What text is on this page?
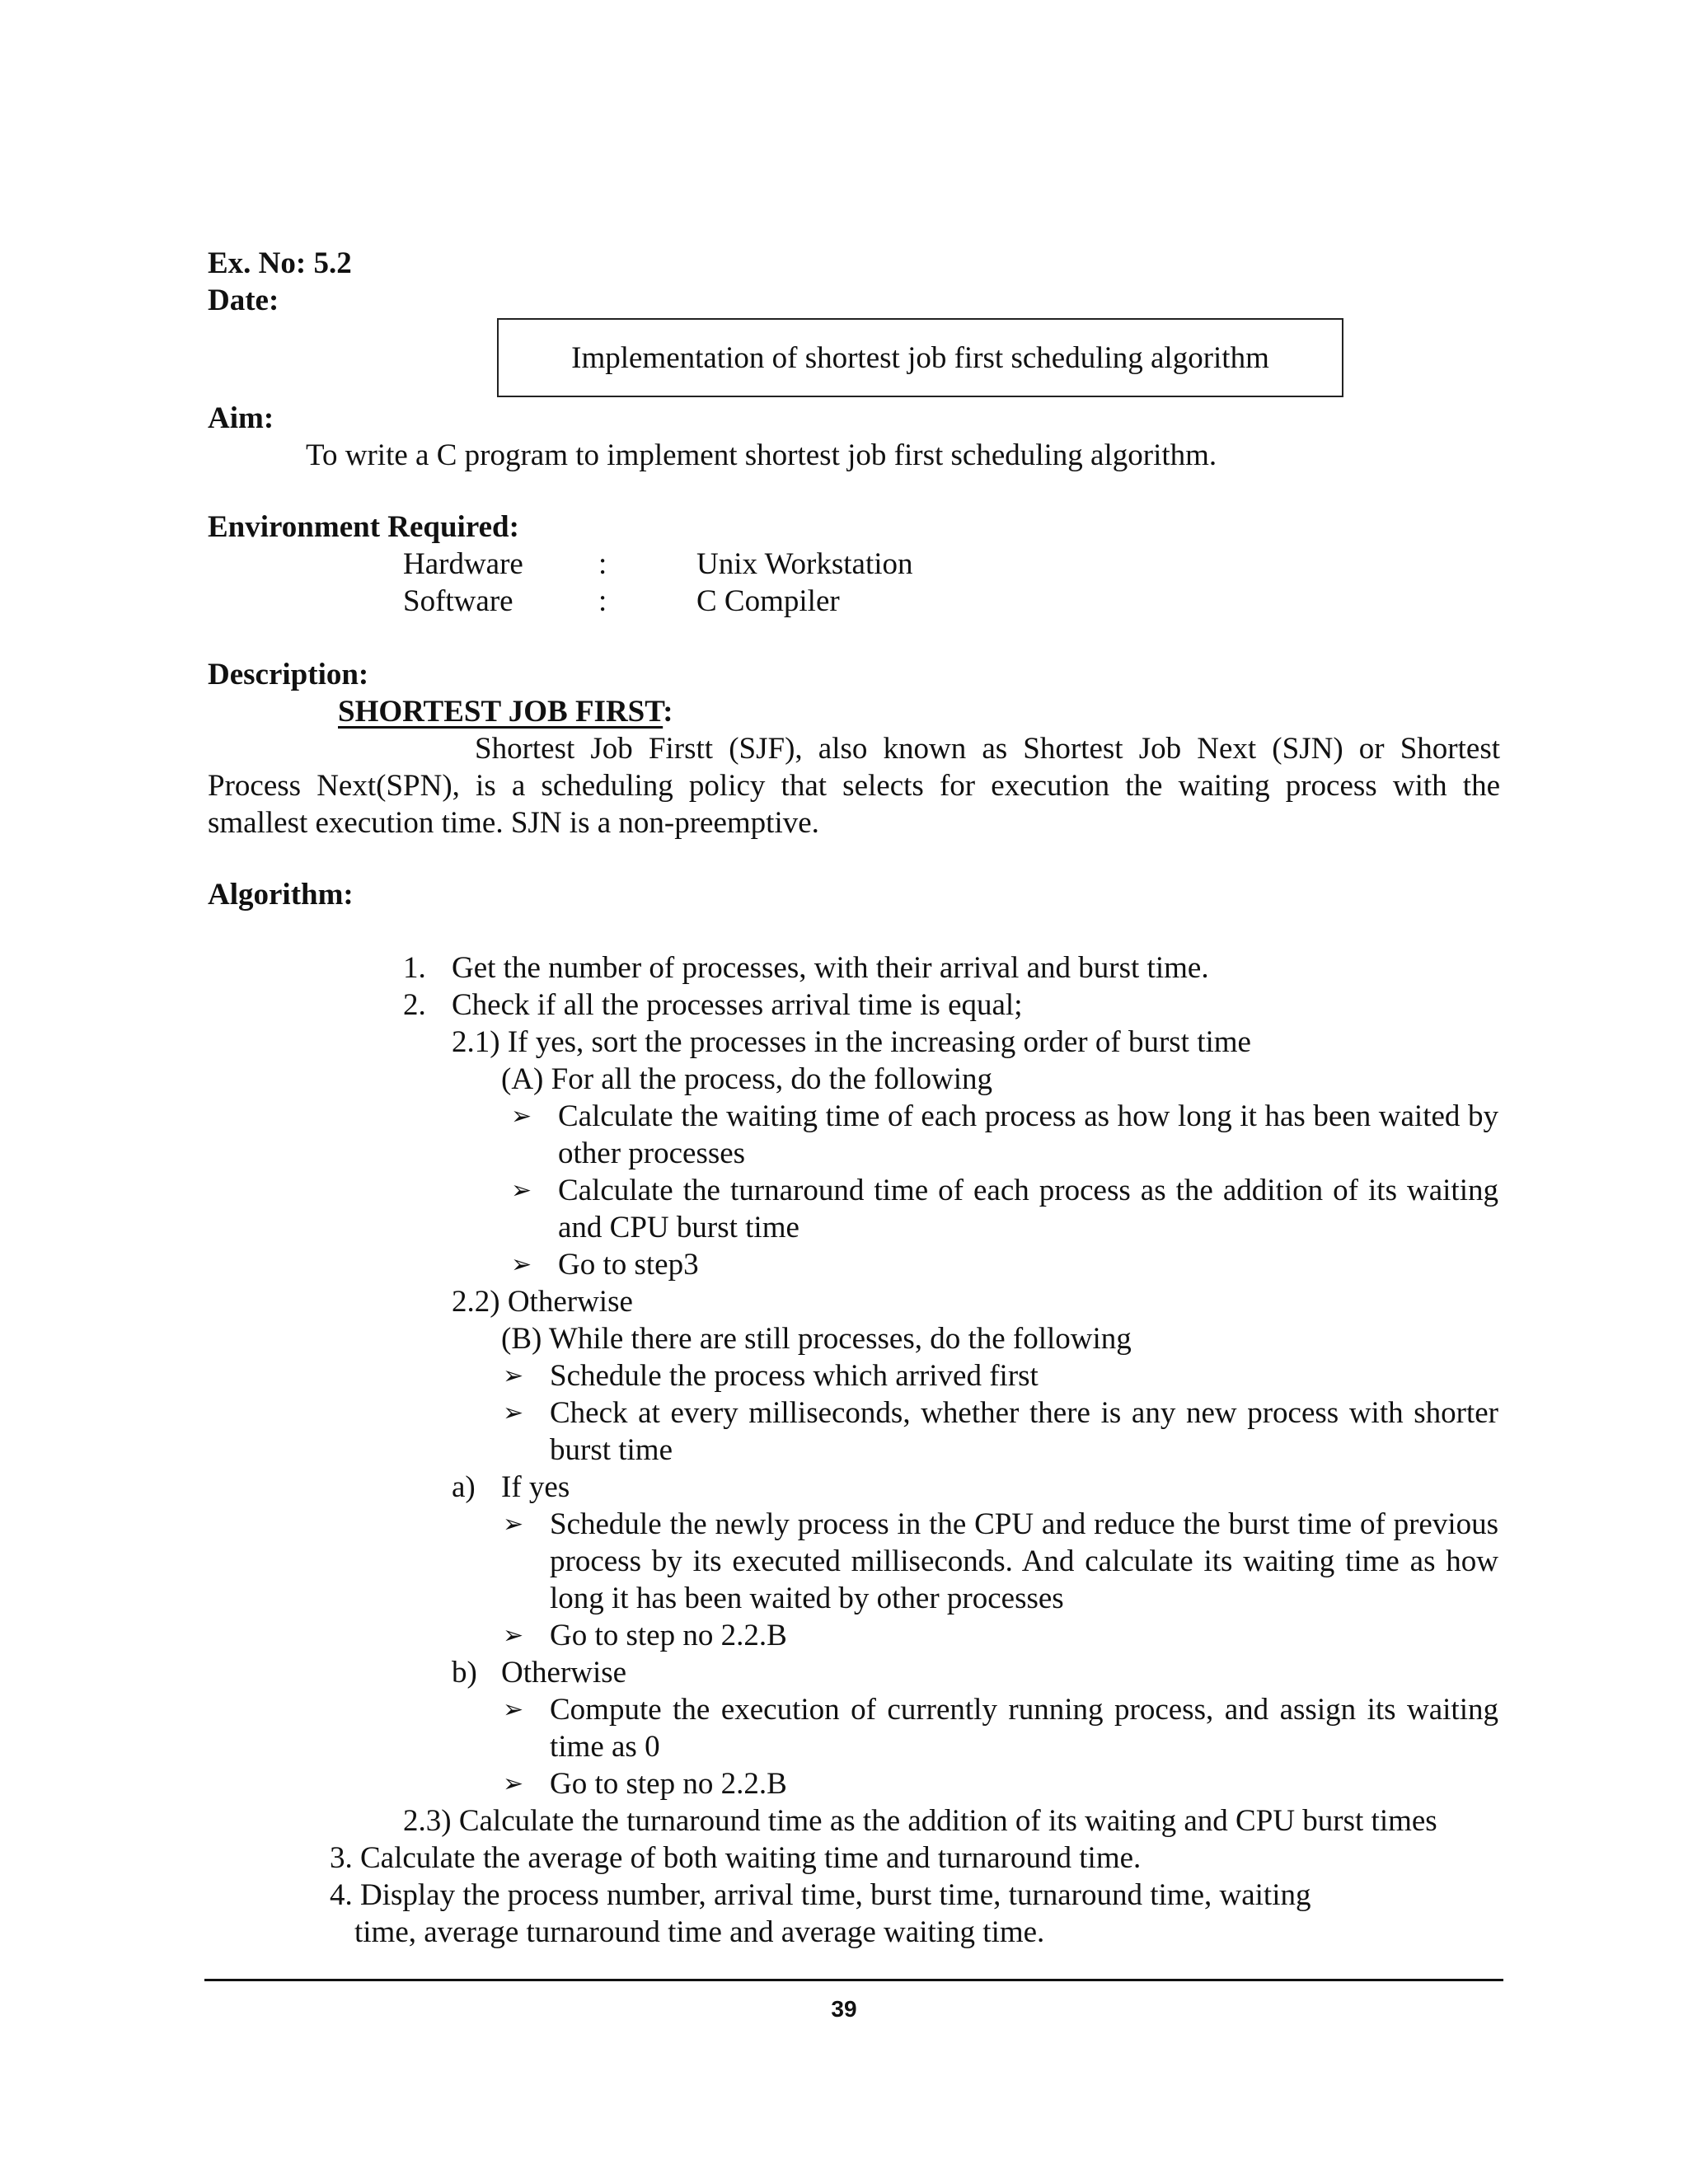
Ex. No: 5.2
Date:
Implementation of shortest job first scheduling algorithm
Aim:
To write a C program to implement shortest job first scheduling algorithm.
Environment Required:
Hardware :	Unix Workstation
Software	:	C Compiler
Description:
SHORTEST JOB FIRST:
Shortest Job Firstt (SJF), also known as Shortest Job Next (SJN) or Shortest
Process Next(SPN), is a scheduling policy that selects for execution the waiting process with the
smallest execution time. SJN is a non-preemptive.
Algorithm:
1. Get the number of processes, with their arrival and burst time.
2. Check if all the processes arrival time is equal;
2.1) If yes, sort the processes in the increasing order of burst time
(A) For all the process, do the following
➢ Calculate the waiting time of each process as how long it has been waited by other processes
➢ Calculate the turnaround time of each process as the addition of its waiting and CPU burst time
➢ Go to step3
2.2) Otherwise
(B) While there are still processes, do the following
➢ Schedule the process which arrived first
➢ Check at every milliseconds, whether there is any new process with shorter burst time
a) If yes
➢ Schedule the newly process in the CPU and reduce the burst time of previous process by its executed milliseconds. And calculate its waiting time as how long it has been waited by other processes
➢ Go to step no 2.2.B
b) Otherwise
➢ Compute the execution of currently running process, and assign its waiting time as 0
➢ Go to step no 2.2.B
2.3) Calculate the turnaround time as the addition of its waiting and CPU burst times
3. Calculate the average of both waiting time and turnaround time.
4. Display the process number, arrival time, burst time, turnaround time, waiting
time, average turnaround time and average waiting time.
39
